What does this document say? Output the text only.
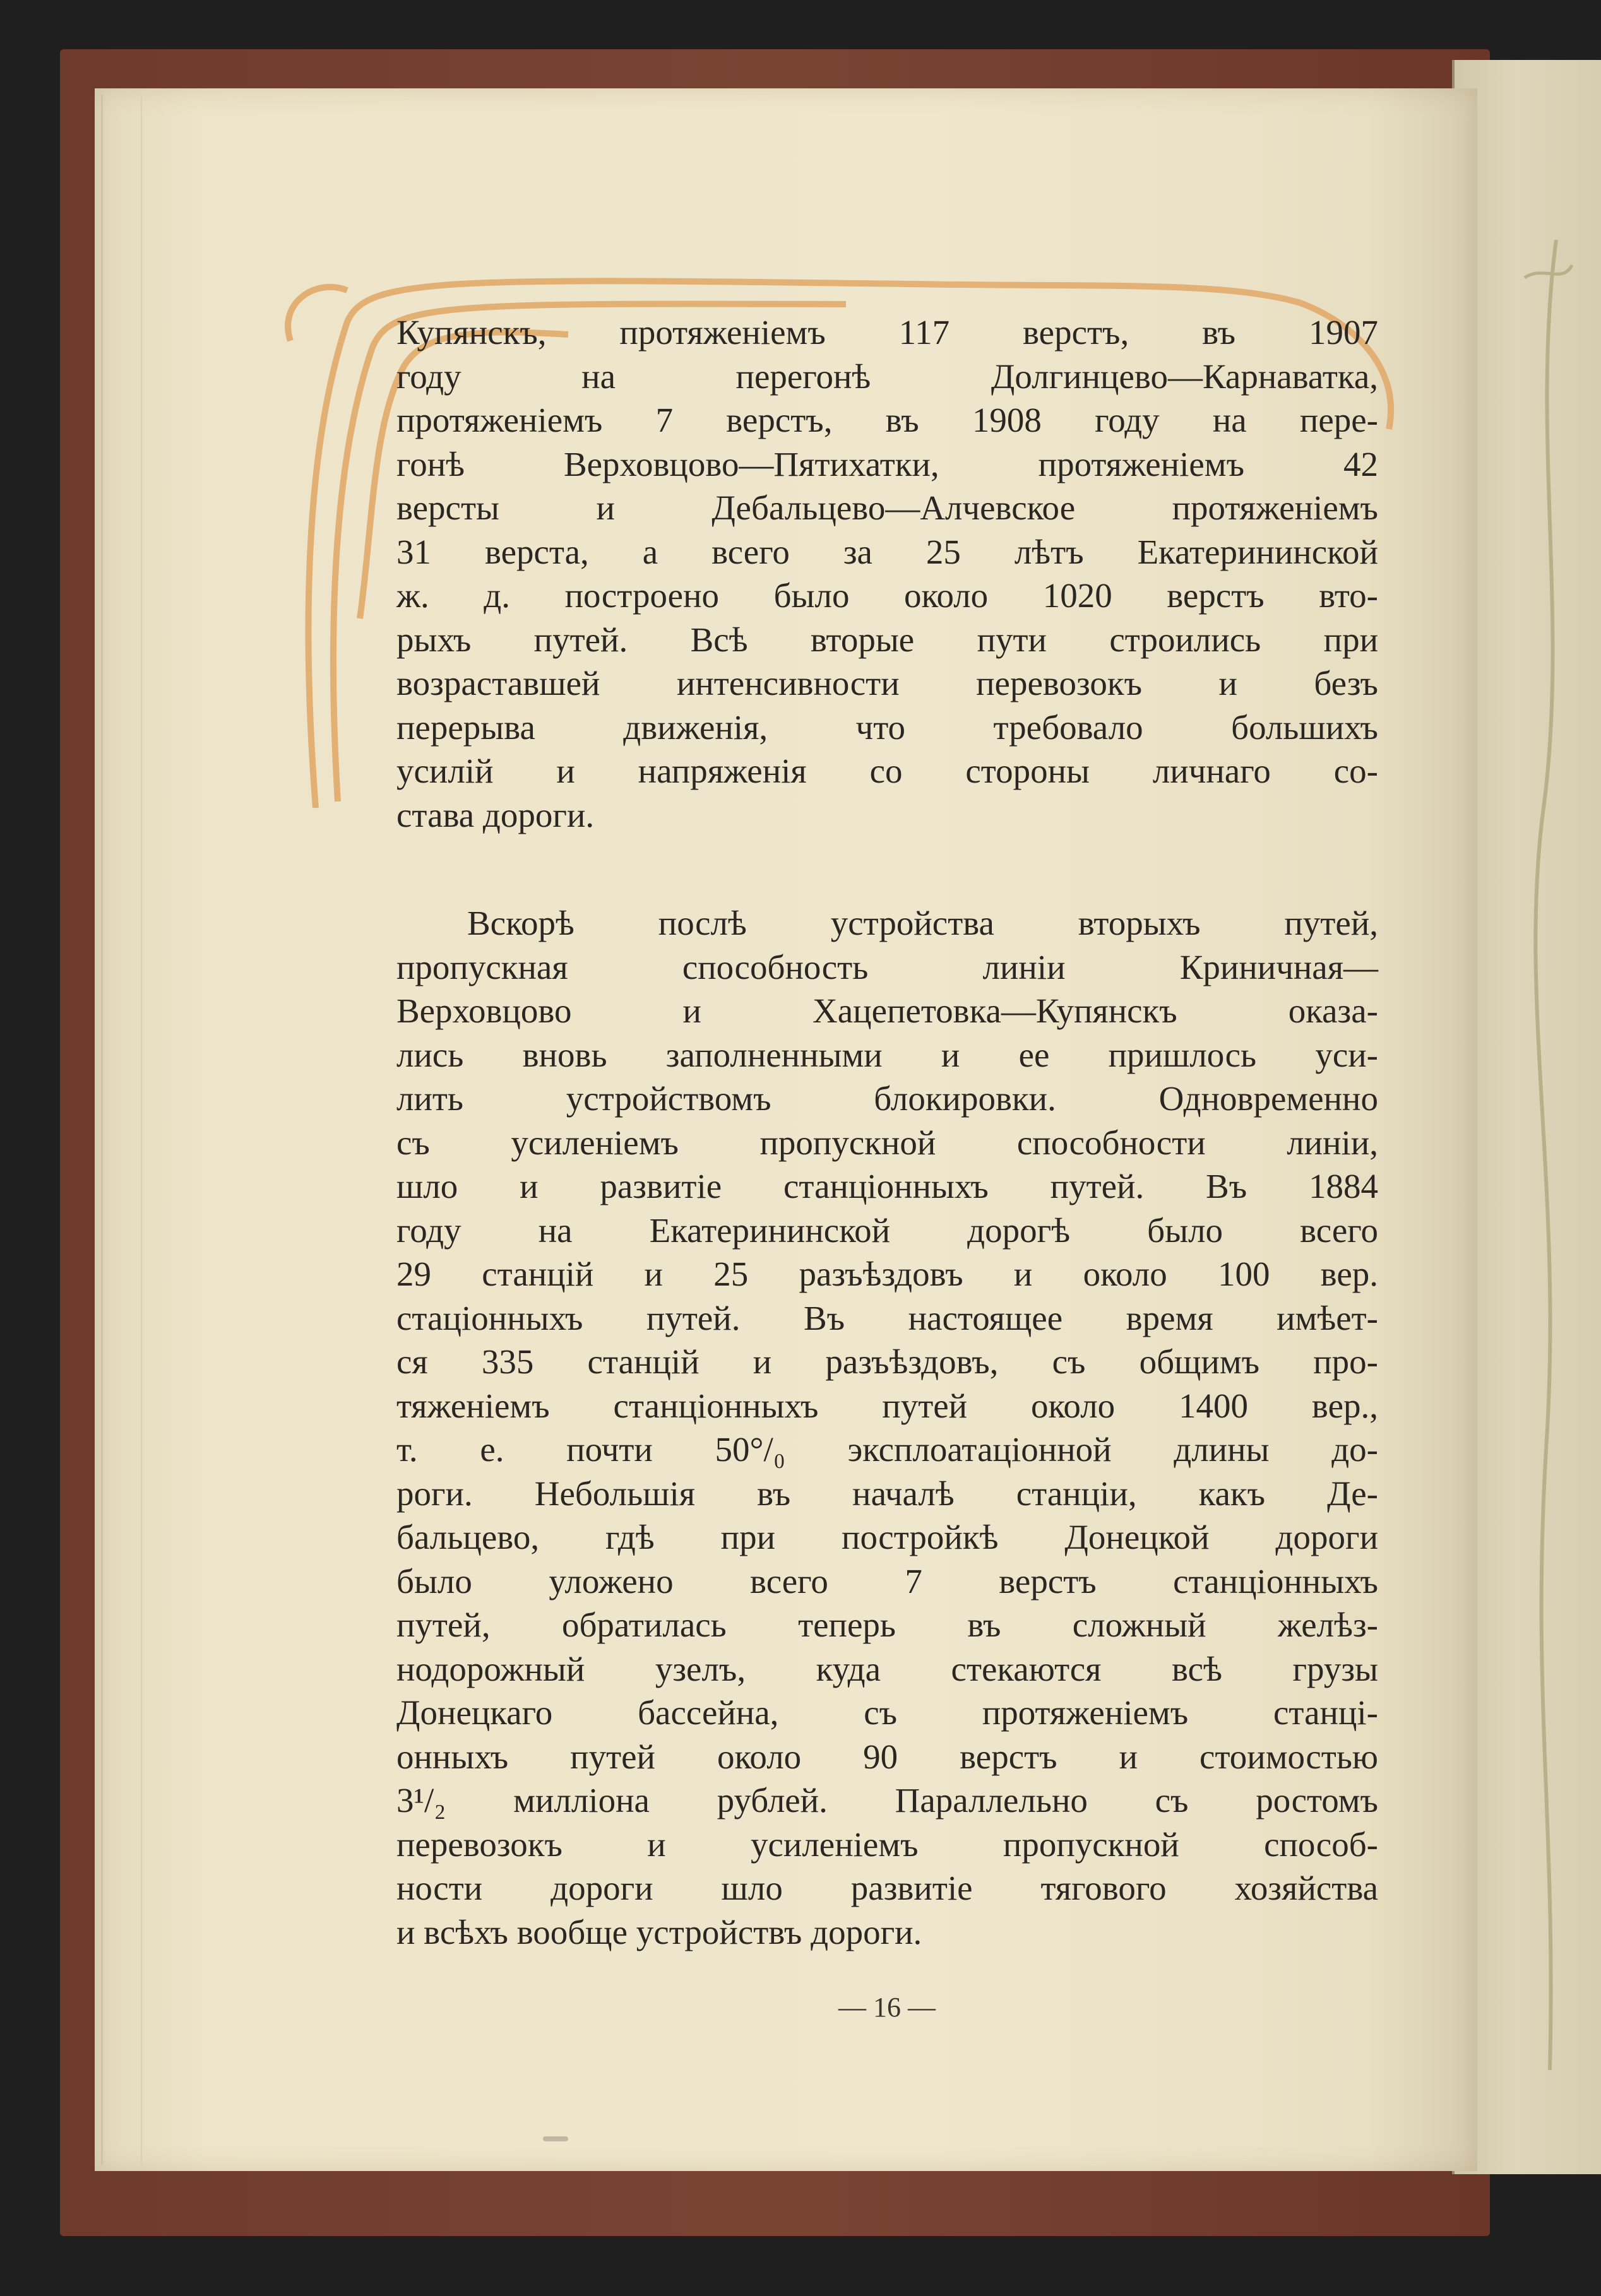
Купянскъ, протяженіемъ 117 верстъ, въ 1907
году на перегонѣ Долгинцево—Карнаватка,
протяженіемъ 7 верстъ, въ 1908 году на пере-
гонѣ Верховцово—Пятихатки, протяженіемъ 42
версты и Дебальцево—Алчевское протяженіемъ
31 верста, а всего за 25 лѣтъ Екатерининской
ж. д. построено было около 1020 верстъ вто-
рыхъ путей. Всѣ вторые пути строились при
возраставшей интенсивности перевозокъ и безъ
перерыва движенія, что требовало большихъ
усилій и напряженія со стороны личнаго со-
става дороги.
Вскорѣ послѣ устройства вторыхъ путей,
пропускная способность линіи Криничная—
Верховцово и Хацепетовка—Купянскъ оказа-
лись вновь заполненными и ее пришлось уси-
лить устройствомъ блокировки. Одновременно
съ усиленіемъ пропускной способности линіи,
шло и развитіе станціонныхъ путей. Въ 1884
году на Екатерининской дорогѣ было всего
29 станцій и 25 разъѣздовъ и около 100 вер.
стаціонныхъ путей. Въ настоящее время имѣет-
ся 335 станцій и разъѣздовъ, съ общимъ про-
тяженіемъ станціонныхъ путей около 1400 вер.,
т. е. почти 50°/₀ эксплоатаціонной длины до-
роги. Небольшія въ началѣ станціи, какъ Де-
бальцево, гдѣ при постройкѣ Донецкой дороги
было уложено всего 7 верстъ станціонныхъ
путей, обратилась теперь въ сложный желѣз-
нодорожный узелъ, куда стекаются всѣ грузы
Донецкаго бассейна, съ протяженіемъ станці-
онныхъ путей около 90 верстъ и стоимостью
3¹/₂ милліона рублей. Параллельно съ ростомъ
перевозокъ и усиленіемъ пропускной способ-
ности дороги шло развитіе тягового хозяйства
и всѣхъ вообще устройствъ дороги.
— 16 —
